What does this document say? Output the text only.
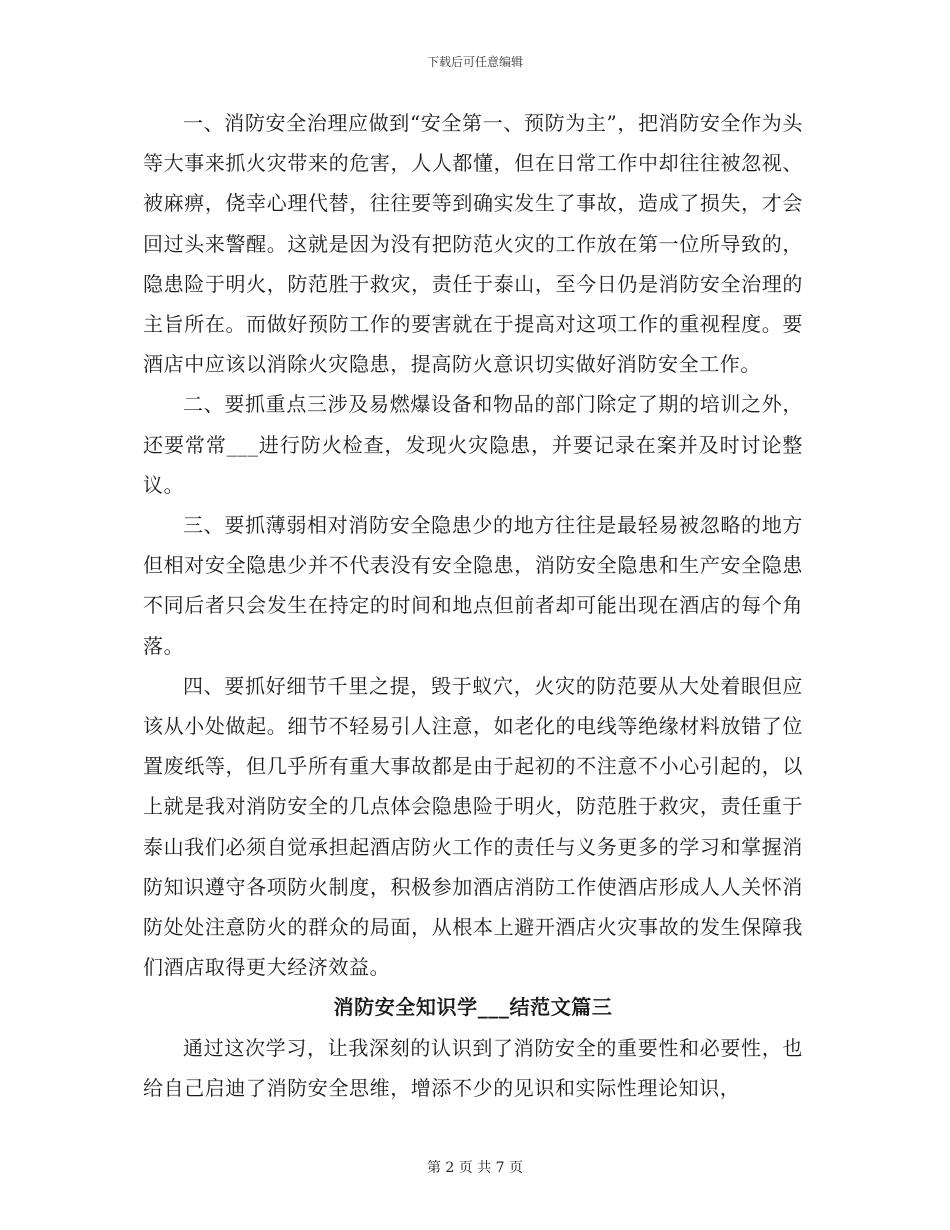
下载后可任意编辑

一、消防安全治理应做到“安全第一、预防为主”，把消防安全作为头等大事来抓火灾带来的危害，人人都懂，但在日常工作中却往往被忽视、被麻痹，侥幸心理代替，往往要等到确实发生了事故，造成了损失，才会回过头来警醒。这就是因为没有把防范火灾的工作放在第一位所导致的，隐患险于明火，防范胜于救灾，责任于泰山，至今日仍是消防安全治理的主旨所在。而做好预防工作的要害就在于提高对这项工作的重视程度。要酒店中应该以消除火灾隐患，提高防火意识切实做好消防安全工作。

二、要抓重点三涉及易燃爆设备和物品的部门除定了期的培训之外，还要常常___进行防火检查，发现火灾隐患，并要记录在案并及时讨论整议。

三、要抓薄弱相对消防安全隐患少的地方往往是最轻易被忽略的地方但相对安全隐患少并不代表没有安全隐患，消防安全隐患和生产安全隐患不同后者只会发生在持定的时间和地点但前者却可能出现在酒店的每个角落。

四、要抓好细节千里之提，毁于蚁穴，火灾的防范要从大处着眼但应该从小处做起。细节不轻易引人注意，如老化的电线等绝缘材料放错了位置废纸等，但几乎所有重大事故都是由于起初的不注意不小心引起的，以上就是我对消防安全的几点体会隐患险于明火，防范胜于救灾，责任重于泰山我们必须自觉承担起酒店防火工作的责任与义务更多的学习和掌握消防知识遵守各项防火制度，积极参加酒店消防工作使酒店形成人人关怀消防处处注意防火的群众的局面，从根本上避开酒店火灾事故的发生保障我们酒店取得更大经济效益。

消防安全知识学___结范文篇三

通过这次学习，让我深刻的认识到了消防安全的重要性和必要性，也给自己启迪了消防安全思维，增添不少的见识和实际性理论知识，

第 2 页 共 7 页
